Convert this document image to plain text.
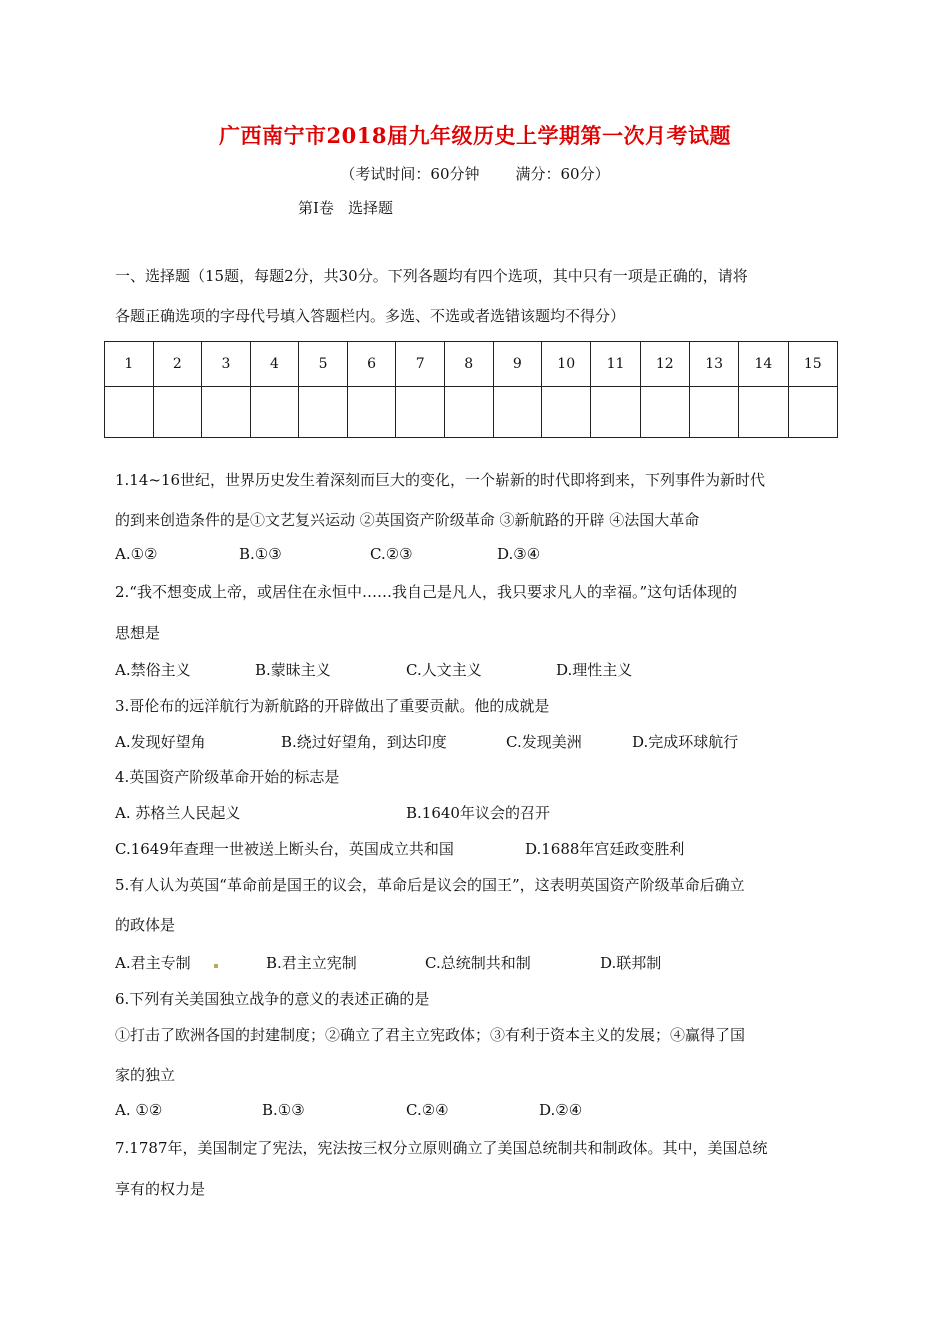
广西南宁市2018届九年级历史上学期第一次月考试题
（考试时间：60分钟 满分：60分）
第Ⅰ卷 选择题
一、选择题（15题，每题2分，共30分。下列各题均有四个选项，其中只有一项是正确的，请将
各题正确选项的字母代号填入答题栏内。多选、不选或者选错该题均不得分）
1	2	3	4	5	6	7	8	9	10	11	12	13	14	15

1.14~16世纪，世界历史发生着深刻而巨大的变化，一个崭新的时代即将到来，下列事件为新时代
的到来创造条件的是①文艺复兴运动 ②英国资产阶级革命 ③新航路的开辟 ④法国大革命
A.①②	B.①③	C.②③	D.③④
2.“我不想变成上帝，或居住在永恒中……我自己是凡人，我只要求凡人的幸福。”这句话体现的
思想是
A.禁俗主义	B.蒙昧主义	C.人文主义	D.理性主义
3.哥伦布的远洋航行为新航路的开辟做出了重要贡献。他的成就是
A.发现好望角	B.绕过好望角，到达印度	C.发现美洲	D.完成环球航行
4.英国资产阶级革命开始的标志是
A. 苏格兰人民起义	B.1640年议会的召开
C.1649年查理一世被送上断头台，英国成立共和国	D.1688年宫廷政变胜利
5.有人认为英国“革命前是国王的议会，革命后是议会的国王”，这表明英国资产阶级革命后确立
的政体是
A.君主专制	B.君主立宪制	C.总统制共和制	D.联邦制
6.下列有关美国独立战争的意义的表述正确的是
①打击了欧洲各国的封建制度；②确立了君主立宪政体；③有利于资本主义的发展；④赢得了国
家的独立
A. ①②	B.①③	C.②④	D.②④
7.1787年，美国制定了宪法，宪法按三权分立原则确立了美国总统制共和制政体。其中，美国总统
享有的权力是
